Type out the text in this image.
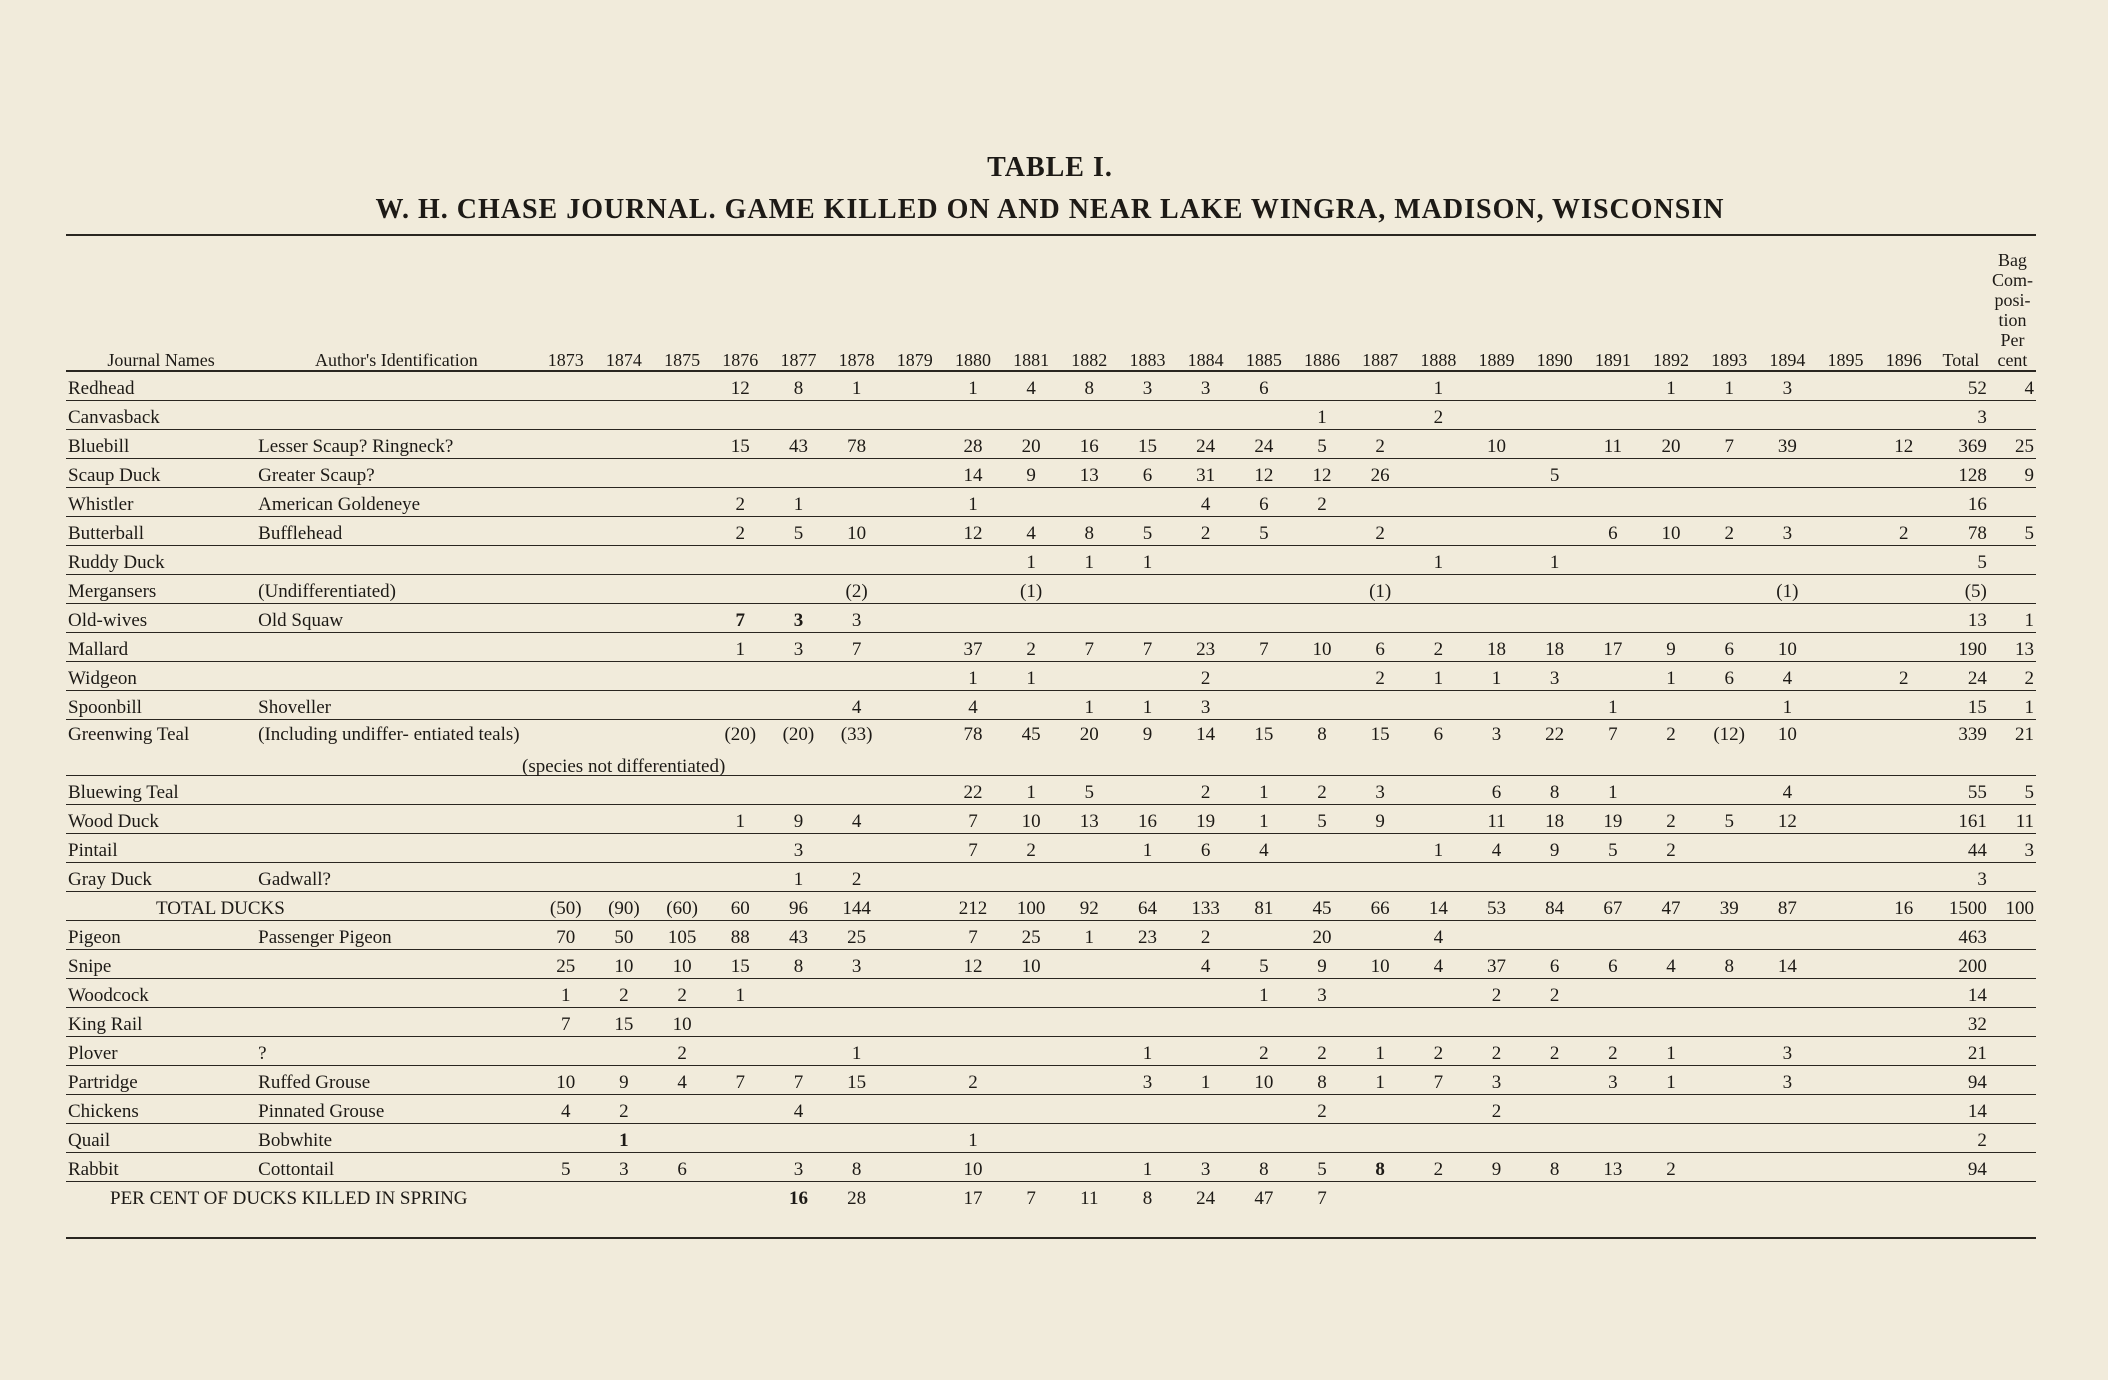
TABLE I.
W. H. CHASE JOURNAL. GAME KILLED ON AND NEAR LAKE WINGRA, MADISON, WISCONSIN
Journal Names	Author's Identification	1873	1874	1875	1876	1877	1878	1879	1880	1881	1882	1883	1884	1885	1886	1887	1888	1889	1890	1891	1892	1893	1894	1895	1896	Total	Bag Com- posi- tion Per cent
Redhead					12	8	1		1	4	8	3	3	6			1				1	1	3			52	4
Canvasback															1		2									3	
Bluebill	Lesser Scaup? Ringneck?				15	43	78		28	20	16	15	24	24	5	2		10		11	20	7	39		12	369	25
Scaup Duck	Greater Scaup?								14	9	13	6	31	12	12	26			5							128	9
Whistler	American Goldeneye				2	1			1				4	6	2											16	
Butterball	Bufflehead				2	5	10		12	4	8	5	2	5		2				6	10	2	3		2	78	5
Ruddy Duck										1	1	1					1		1							5	
Mergansers	(Undifferentiated)						(2)			(1)						(1)							(1)			(5)	
Old-wives	Old Squaw				7	3	3																			13	1
Mallard					1	3	7		37	2	7	7	23	7	10	6	2	18	18	17	9	6	10			190	13
Widgeon									1	1			2			2	1	1	3		1	6	4		2	24	2
Spoonbill	Shoveller						4		4		1	1	3							1			1			15	1
Greenwing Teal	(Including undiffer- entiated teals)				(20)	(20)	(33)		78	45	20	9	14	15	8	15	6	3	22	7	2	(12)	10			339	21
Bluewing Teal									22	1	5		2	1	2	3		6	8	1			4			55	5
Wood Duck					1	9	4		7	10	13	16	19	1	5	9		11	18	19	2	5	12			161	11
Pintail						3			7	2		1	6	4			1	4	9	5	2					44	3
Gray Duck	Gadwall?					1	2																			3	
TOTAL DUCKS		(50)	(90)	(60)	60	96	144		212	100	92	64	133	81	45	66	14	53	84	67	47	39	87		16	1500	100
Pigeon	Passenger Pigeon	70	50	105	88	43	25		7	25	1	23	2		20		4									463	
Snipe		25	10	10	15	8	3		12	10			4	5	9	10	4	37	6	6	4	8	14			200	
Woodcock		1	2	2	1									1	3			2	2							14	
King Rail		7	15	10																						32	
Plover	?			2			1					1		2	2	1	2	2	2	2	1		3			21	
Partridge	Ruffed Grouse	10	9	4	7	7	15		2			3	1	10	8	1	7	3		3	1		3			94	
Chickens	Pinnated Grouse	4	2			4									2			2								14	
Quail	Bobwhite		1						1																	2	
Rabbit	Cottontail	5	3	6		3	8		10			1	3	8	5	8	2	9	8	13	2					94	
PER CENT OF DUCKS KILLED IN SPRING						16	28		17	7	11	8	24	47	7												
(species not differentiated)
